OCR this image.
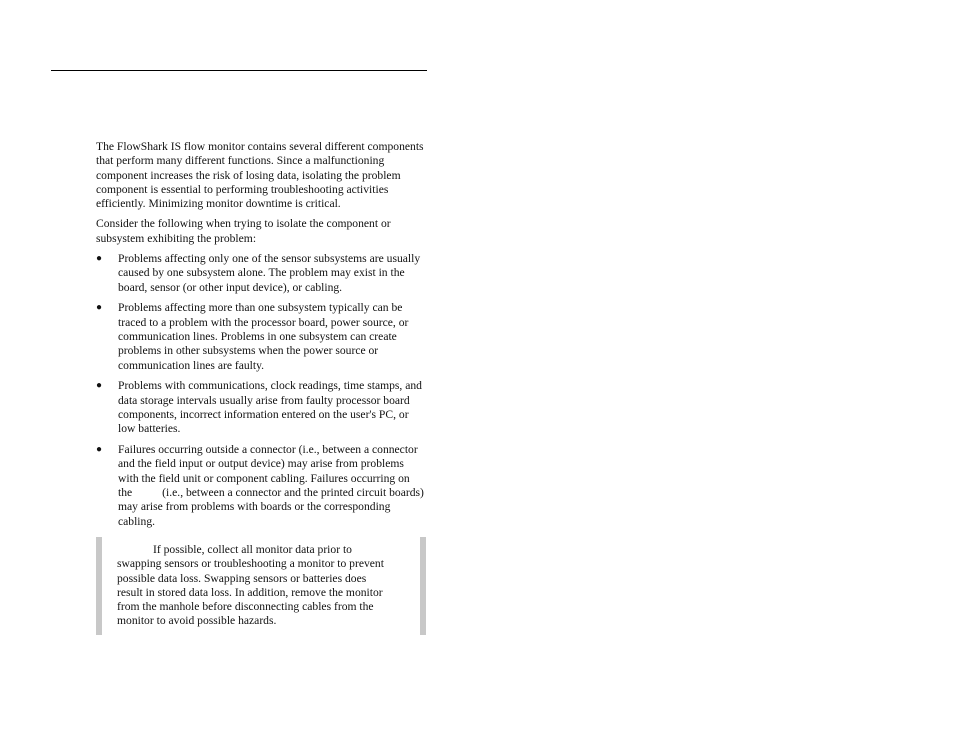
The FlowShark IS flow monitor contains several different components that perform many different functions. Since a malfunctioning component increases the risk of losing data, isolating the problem component is essential to performing troubleshooting activities efficiently. Minimizing monitor downtime is critical.

Consider the following when trying to isolate the component or subsystem exhibiting the problem:

● Problems affecting only one of the sensor subsystems are usually caused by one subsystem alone. The problem may exist in the board, sensor (or other input device), or cabling.
● Problems affecting more than one subsystem typically can be traced to a problem with the processor board, power source, or communication lines. Problems in one subsystem can create problems in other subsystems when the power source or communication lines are faulty.
● Problems with communications, clock readings, time stamps, and data storage intervals usually arise from faulty processor board components, incorrect information entered on the user's PC, or low batteries.
● Failures occurring outside a connector (i.e., between a connector and the field input or output device) may arise from problems with the field unit or component cabling. Failures occurring on the	(i.e., between a connector and the printed circuit boards) may arise from problems with boards or the corresponding cabling.
If possible, collect all monitor data prior to swapping sensors or troubleshooting a monitor to prevent possible data loss. Swapping sensors or batteries does result in stored data loss. In addition, remove the monitor from the manhole before disconnecting cables from the monitor to avoid possible hazards.
